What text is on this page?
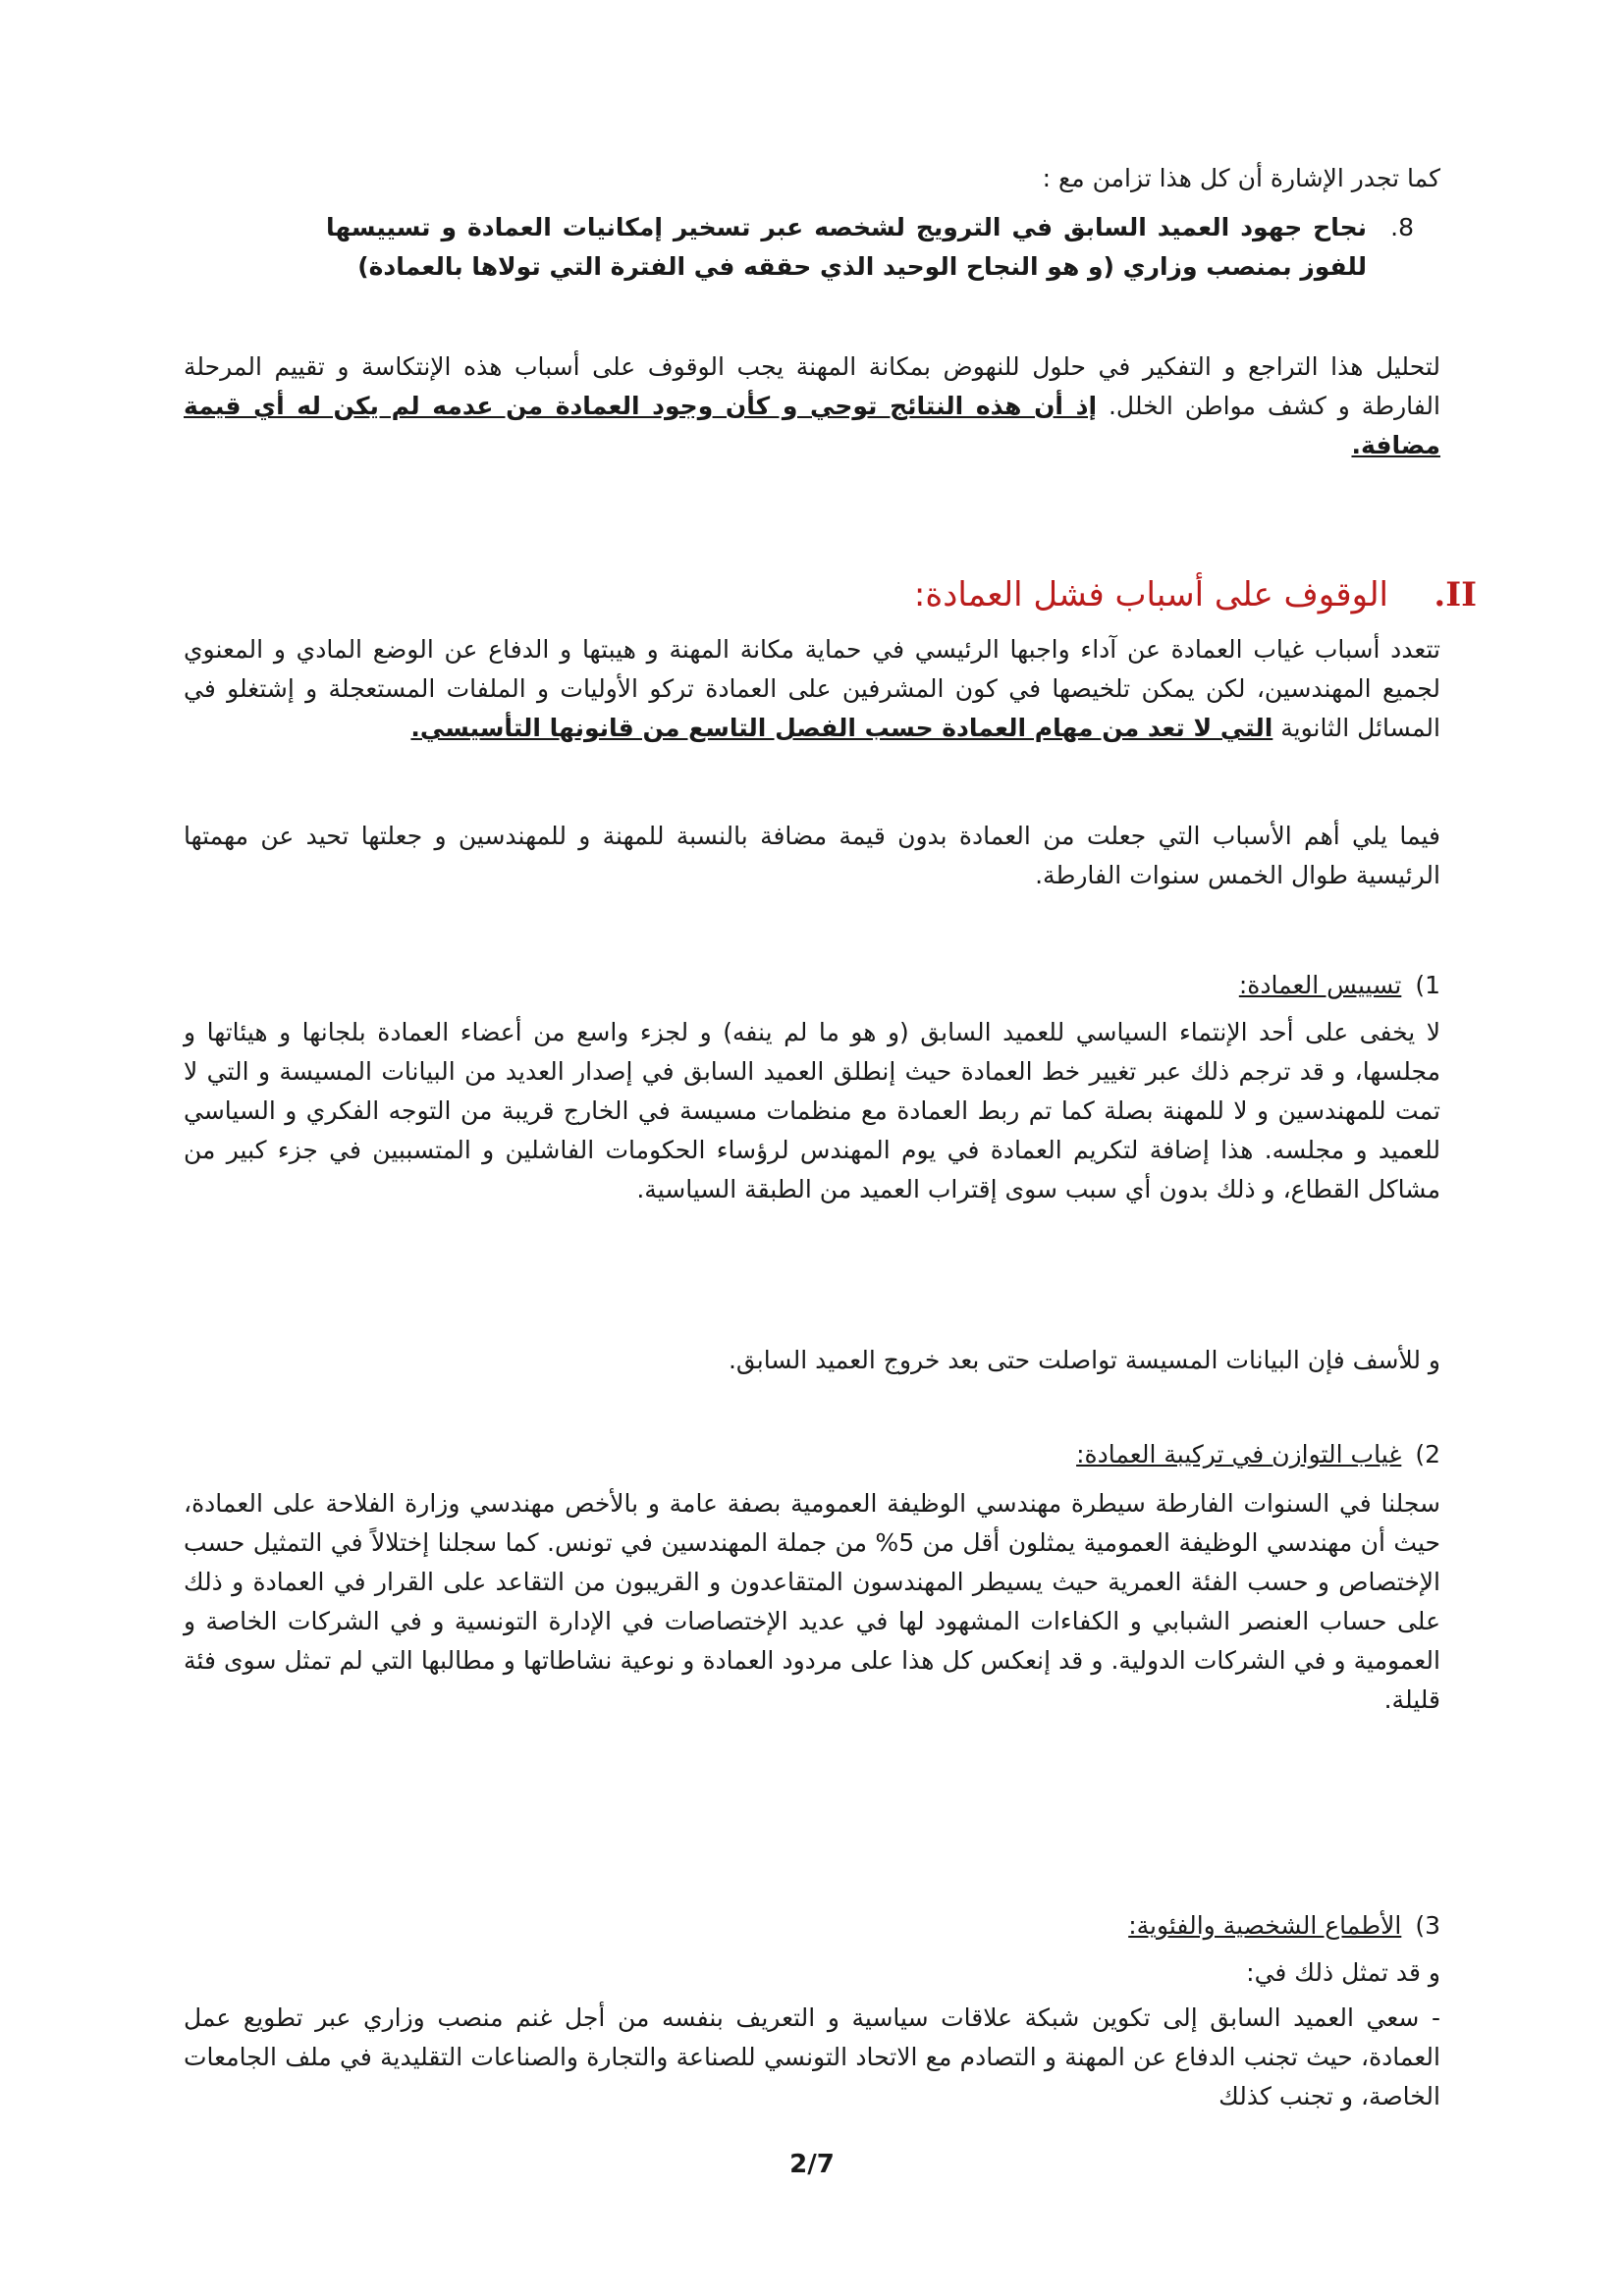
كما تجدر الإشارة أن كل هذا تزامن مع :
8.
نجاح جهود العميد السابق في الترويج لشخصه عبر تسخير إمكانيات العمادة و تسييسها للفوز بمنصب وزاري (و هو النجاح الوحيد الذي حققه في الفترة التي تولاها بالعمادة)
لتحليل هذا التراجع و التفكير في حلول للنهوض بمكانة المهنة يجب الوقوف على أسباب هذه الإنتكاسة و تقييم المرحلة الفارطة و كشف مواطن الخلل. إذ أن هذه النتائج توحي و كأن وجود العمادة من عدمه لم يكن له أي قيمة مضافة.
II.
الوقوف على أسباب فشل العمادة:
تتعدد أسباب غياب العمادة عن آداء واجبها الرئيسي في حماية مكانة المهنة و هيبتها و الدفاع عن الوضع المادي و المعنوي لجميع المهندسين، لكن يمكن تلخيصها في كون المشرفين على العمادة تركو الأوليات و الملفات المستعجلة و إشتغلو في المسائل الثانوية التي لا تعد من مهام العمادة حسب الفصل التاسع من قانونها التأسيسي.
فيما يلي أهم الأسباب التي جعلت من العمادة بدون قيمة مضافة بالنسبة للمهنة و للمهندسين و جعلتها تحيد عن مهمتها الرئيسية طوال الخمس سنوات الفارطة.
1)تسييس العمادة:
لا يخفى على أحد الإنتماء السياسي للعميد السابق (و هو ما لم ينفه) و لجزء واسع من أعضاء العمادة بلجانها و هيئاتها و مجلسها، و قد ترجم ذلك عبر تغيير خط العمادة حيث إنطلق العميد السابق في إصدار العديد من البيانات المسيسة و التي لا تمت للمهندسين و لا للمهنة بصلة كما تم ربط العمادة مع منظمات مسيسة في الخارج قريبة من التوجه الفكري و السياسي للعميد و مجلسه. هذا إضافة لتكريم العمادة في يوم المهندس لرؤساء الحكومات الفاشلين و المتسببين في جزء كبير من مشاكل القطاع، و ذلك بدون أي سبب سوى إقتراب العميد من الطبقة السياسية.
و للأسف فإن البيانات المسيسة تواصلت حتى بعد خروج العميد السابق.
2)غياب التوازن في تركيبة العمادة:
سجلنا في السنوات الفارطة سيطرة مهندسي الوظيفة العمومية بصفة عامة و بالأخص مهندسي وزارة الفلاحة على العمادة، حيث أن مهندسي الوظيفة العمومية يمثلون أقل من 5% من جملة المهندسين في تونس. كما سجلنا إختلالاً في التمثيل حسب الإختصاص و حسب الفئة العمرية حيث يسيطر المهندسون المتقاعدون و القريبون من التقاعد على القرار في العمادة و ذلك على حساب العنصر الشبابي و الكفاءات المشهود لها في عديد الإختصاصات في الإدارة التونسية و في الشركات الخاصة و العمومية و في الشركات الدولية. و قد إنعكس كل هذا على مردود العمادة و نوعية نشاطاتها و مطالبها التي لم تمثل سوى فئة قليلة.
3)الأطماع الشخصية والفئوية:
و قد تمثل ذلك في:
- سعي العميد السابق إلى تكوين شبكة علاقات سياسية و التعريف بنفسه من أجل غنم منصب وزاري عبر تطويع عمل العمادة، حيث تجنب الدفاع عن المهنة و التصادم مع الاتحاد التونسي للصناعة والتجارة والصناعات التقليدية في ملف الجامعات الخاصة، و تجنب كذلك
2/7
